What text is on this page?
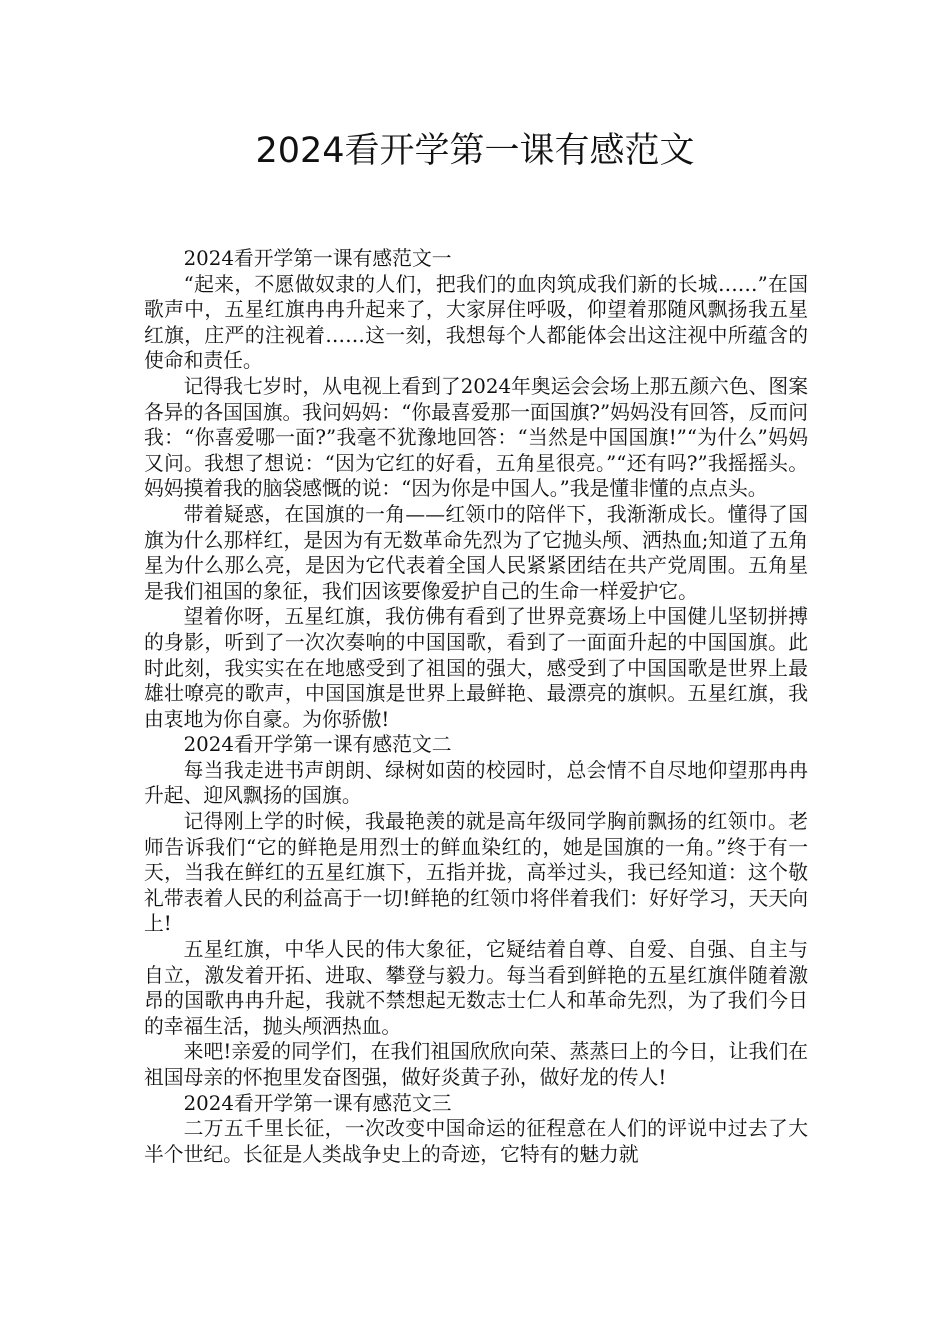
2024看开学第一课有感范文

2024看开学第一课有感范文一

“起来，不愿做奴隶的人们，把我们的血肉筑成我们新的长城……”在国歌声中，五星红旗冉冉升起来了，大家屏住呼吸，仰望着那随风飘扬我五星红旗，庄严的注视着……这一刻，我想每个人都能体会出这注视中所蕴含的使命和责任。

记得我七岁时，从电视上看到了2024年奥运会会场上那五颜六色、图案各异的各国国旗。我问妈妈：“你最喜爱那一面国旗?”妈妈没有回答，反而问我：“你喜爱哪一面?”我毫不犹豫地回答：“当然是中国国旗!”“为什么”妈妈又问。我想了想说：“因为它红的好看，五角星很亮。”“还有吗?”我摇摇头。妈妈摸着我的脑袋感慨的说：“因为你是中国人。”我是懂非懂的点点头。

带着疑惑，在国旗的一角——红领巾的陪伴下，我渐渐成长。懂得了国旗为什么那样红，是因为有无数革命先烈为了它抛头颅、洒热血;知道了五角星为什么那么亮，是因为它代表着全国人民紧紧团结在共产党周围。五角星是我们祖国的象征，我们因该要像爱护自己的生命一样爱护它。

望着你呀，五星红旗，我仿佛有看到了世界竞赛场上中国健儿坚韧拼搏的身影，听到了一次次奏响的中国国歌，看到了一面面升起的中国国旗。此时此刻，我实实在在地感受到了祖国的强大，感受到了中国国歌是世界上最雄壮嘹亮的歌声，中国国旗是世界上最鲜艳、最漂亮的旗帜。五星红旗，我由衷地为你自豪。为你骄傲!

2024看开学第一课有感范文二

每当我走进书声朗朗、绿树如茵的校园时，总会情不自尽地仰望那冉冉升起、迎风飘扬的国旗。

记得刚上学的时候，我最艳羡的就是高年级同学胸前飘扬的红领巾。老师告诉我们“它的鲜艳是用烈士的鲜血染红的，她是国旗的一角。”终于有一天，当我在鲜红的五星红旗下，五指并拢，高举过头，我已经知道：这个敬礼带表着人民的利益高于一切!鲜艳的红领巾将伴着我们：好好学习，天天向上!

五星红旗，中华人民的伟大象征，它疑结着自尊、自爱、自强、自主与自立，激发着开拓、进取、攀登与毅力。每当看到鲜艳的五星红旗伴随着激昂的国歌冉冉升起，我就不禁想起无数志士仁人和革命先烈，为了我们今日的幸福生活，抛头颅洒热血。

来吧!亲爱的同学们，在我们祖国欣欣向荣、蒸蒸曰上的今日，让我们在祖国母亲的怀抱里发奋图强，做好炎黄子孙，做好龙的传人!

2024看开学第一课有感范文三

二万五千里长征，一次改变中国命运的征程意在人们的评说中过去了大半个世纪。长征是人类战争史上的奇迹，它特有的魅力就
